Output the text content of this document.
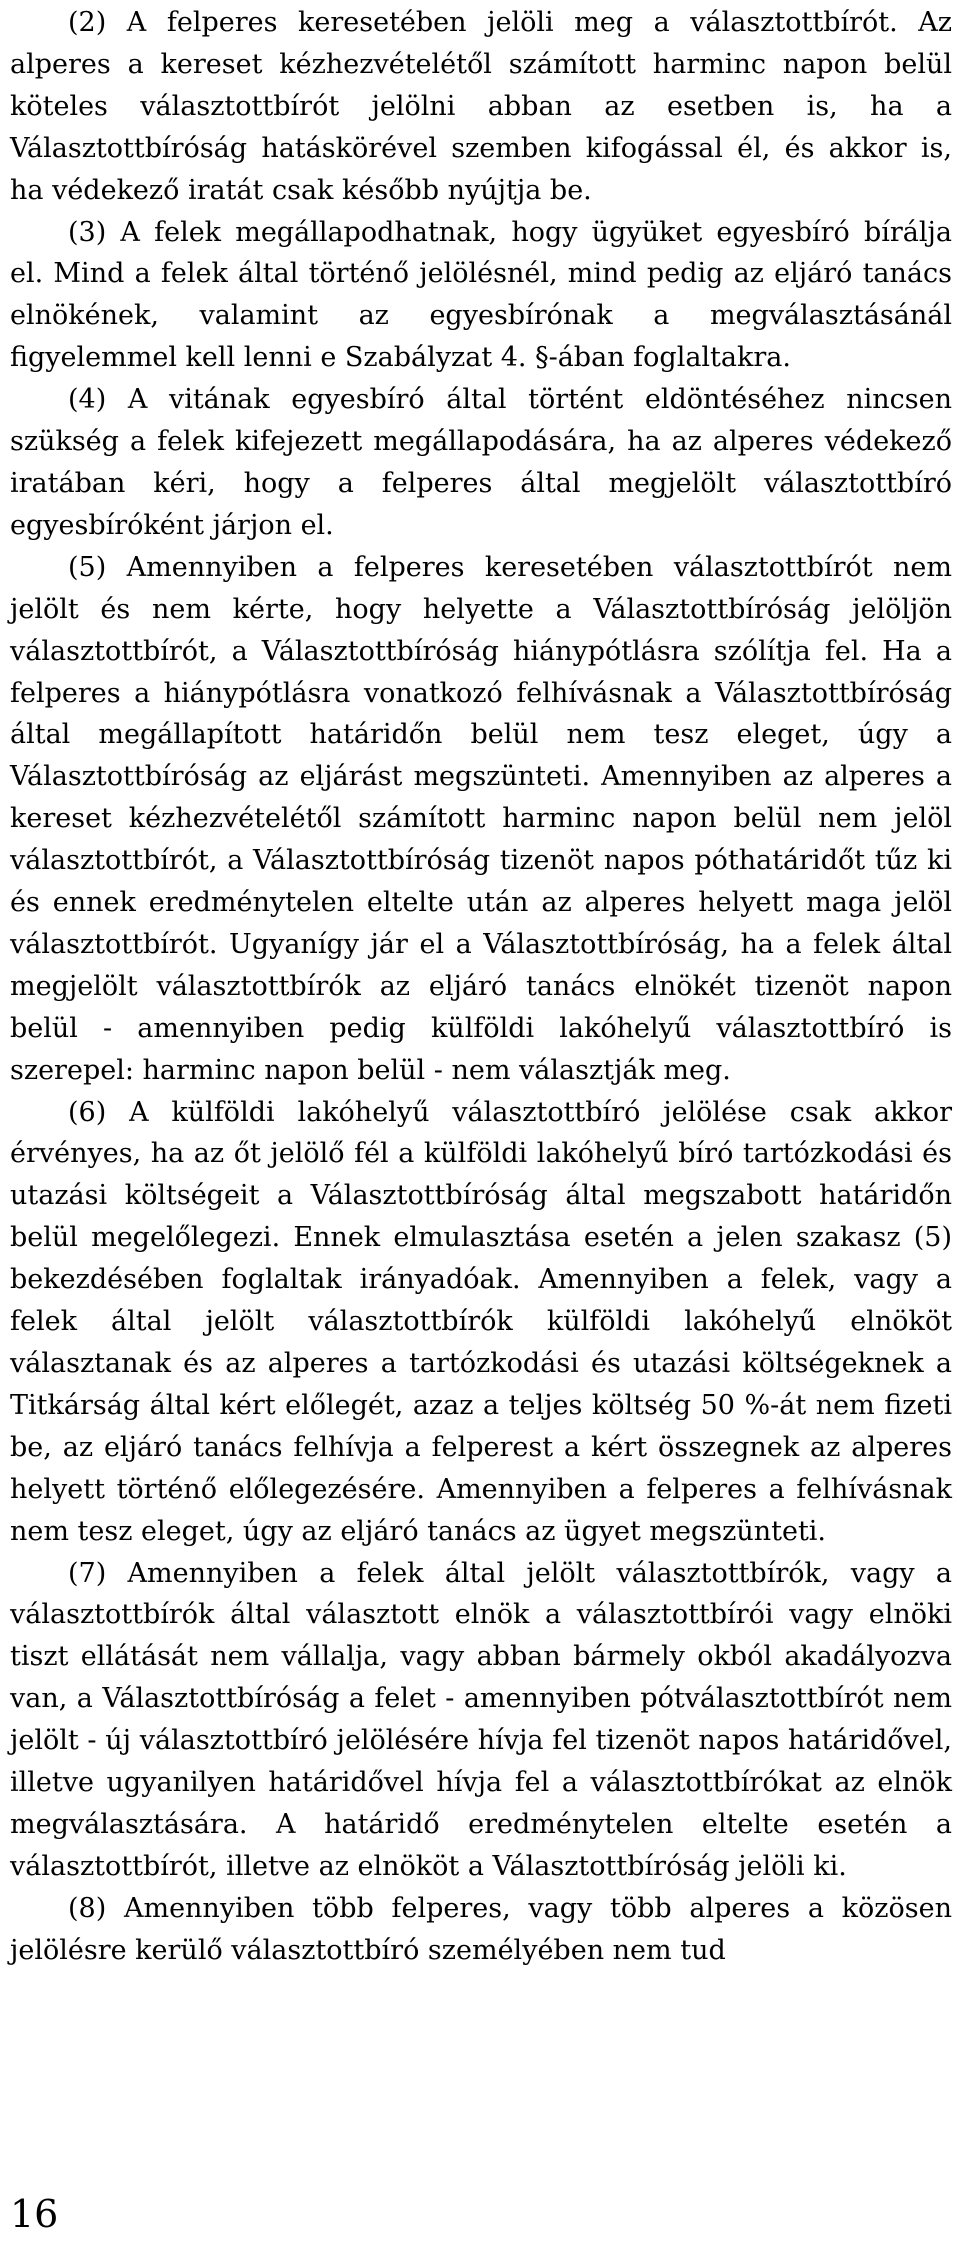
(2) A felperes keresetében jelöli meg a választottbírót. Az alperes a kereset kézhezvételétől számított harminc napon belül köteles választottbírót jelölni abban az esetben is, ha a Választottbíróság hatáskörével szemben kifogással él, és akkor is, ha védekező iratát csak később nyújtja be.

(3) A felek megállapodhatnak, hogy ügyüket egyesbíró bírálja el. Mind a felek által történő jelölésnél, mind pedig az eljáró tanács elnökének, valamint az egyesbírónak a megválasztásánál figyelemmel kell lenni e Szabályzat 4. §-ában foglaltakra.

(4) A vitának egyesbíró által történt eldöntéséhez nincsen szükség a felek kifejezett megállapodására, ha az alperes védekező iratában kéri, hogy a felperes által megjelölt választottbíró egyesbíróként járjon el.

(5) Amennyiben a felperes keresetében választottbírót nem jelölt és nem kérte, hogy helyette a Választottbíróság jelöljön választottbírót, a Választottbíróság hiánypótlásra szólítja fel. Ha a felperes a hiánypótlásra vonatkozó felhívásnak a Választottbíróság által megállapított határidőn belül nem tesz eleget, úgy a Választottbíróság az eljárást megszünteti. Amennyiben az alperes a kereset kézhezvételétől számított harminc napon belül nem jelöl választottbírót, a Választottbíróság tizenöt napos póthatáridőt tűz ki és ennek eredménytelen eltelte után az alperes helyett maga jelöl választottbírót. Ugyanígy jár el a Választottbíróság, ha a felek által megjelölt választottbírók az eljáró tanács elnökét tizenöt napon belül - amennyiben pedig külföldi lakóhelyű választottbíró is szerepel: harminc napon belül - nem választják meg.

(6) A külföldi lakóhelyű választottbíró jelölése csak akkor érvényes, ha az őt jelölő fél a külföldi lakóhelyű bíró tartózkodási és utazási költségeit a Választottbíróság által megszabott határidőn belül megelőlegezi. Ennek elmulasztása esetén a jelen szakasz (5) bekezdésében foglaltak irányadóak. Amennyiben a felek, vagy a felek által jelölt választottbírók külföldi lakóhelyű elnököt választanak és az alperes a tartózkodási és utazási költségeknek a Titkárság által kért előlegét, azaz a teljes költség 50 %-át nem fizeti be, az eljáró tanács felhívja a felperest a kért összegnek az alperes helyett történő előlegezésére. Amennyiben a felperes a felhívásnak nem tesz eleget, úgy az eljáró tanács az ügyet megszünteti.

(7) Amennyiben a felek által jelölt választottbírók, vagy a választottbírók által választott elnök a választottbírói vagy elnöki tiszt ellátását nem vállalja, vagy abban bármely okból akadályozva van, a Választottbíróság a felet - amennyiben pótválasztottbírót nem jelölt - új választottbíró jelölésére hívja fel tizenöt napos határidővel, illetve ugyanilyen határidővel hívja fel a választottbírókat az elnök megválasztására. A határidő eredménytelen eltelte esetén a választottbírót, illetve az elnököt a Választottbíróság jelöli ki.

(8) Amennyiben több felperes, vagy több alperes a közösen jelölésre kerülő választottbíró személyében nem tud

16
